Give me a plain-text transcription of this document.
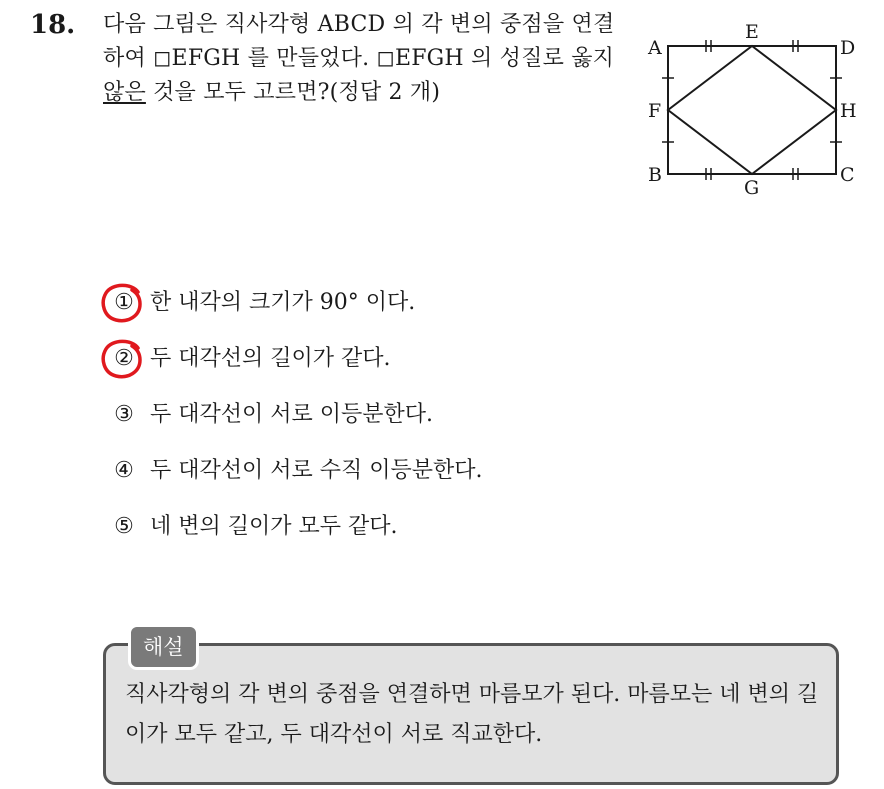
18. 다음 그림은 직사각형 ABCD 의 각 변의 중점을 연결하여 ◻EFGH 를 만들었다. ◻EFGH 의 성질로 옳지 않은 것을 모두 고르면?(정답 2 개)
A
E
D
F	H
B
G
C
① 한 내각의 크기가 90° 이다.
② 두 대각선의 길이가 같다.
③ 두 대각선이 서로 이등분한다.
④ 두 대각선이 서로 수직 이등분한다.
⑤ 네 변의 길이가 모두 같다.
해설
직사각형의 각 변의 중점을 연결하면 마름모가 된다. 마름모는 네 변의 길이가 모두 같고, 두 대각선이 서로 직교한다.
